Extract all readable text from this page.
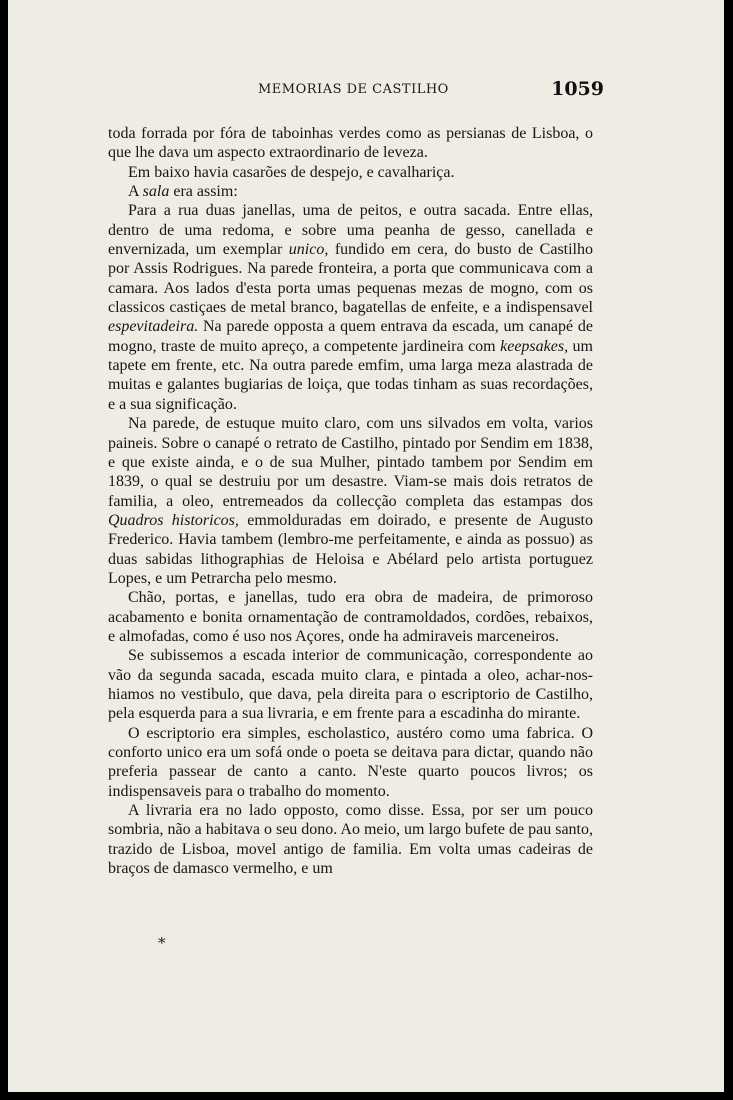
MEMORIAS DE CASTILHO	1059

toda forrada por fóra de taboinhas verdes como as persianas de Lisboa, o que lhe dava um aspecto extraordinario de leveza.

Em baixo havia casarões de despejo, e cavalhariça.

A sala era assim:

Para a rua duas janellas, uma de peitos, e outra sacada. Entre ellas, dentro de uma redoma, e sobre uma peanha de gesso, canellada e envernizada, um exemplar unico, fundido em cera, do busto de Castilho por Assis Rodrigues. Na parede fronteira, a porta que communicava com a camara. Aos lados d'esta porta umas pequenas mezas de mogno, com os classicos castiçaes de metal branco, bagatellas de enfeite, e a indispensavel espevitadeira. Na parede opposta a quem entrava da escada, um canapé de mogno, traste de muito apreço, a competente jardineira com keepsakes, um tapete em frente, etc. Na outra parede emfim, uma larga meza alastrada de muitas e galantes bugiarias de loiça, que todas tinham as suas recordações, e a sua significação.

Na parede, de estuque muito claro, com uns silvados em volta, varios paineis. Sobre o canapé o retrato de Castilho, pintado por Sendim em 1838, e que existe ainda, e o de sua Mulher, pintado tambem por Sendim em 1839, o qual se destruiu por um desastre. Viam-se mais dois retratos de familia, a oleo, entremeados da collecção completa das estampas dos Quadros historicos, emmolduradas em doirado, e presente de Augusto Frederico. Havia tambem (lembro-me perfeitamente, e ainda as possuo) as duas sabidas lithographias de Heloisa e Abélard pelo artista portuguez Lopes, e um Petrarcha pelo mesmo.

Chão, portas, e janellas, tudo era obra de madeira, de primoroso acabamento e bonita ornamentação de contramoldados, cordões, rebaixos, e almofadas, como é uso nos Açores, onde ha admiraveis marceneiros.

Se subissemos a escada interior de communicação, correspondente ao vão da segunda sacada, escada muito clara, e pintada a oleo, achar-nos-hiamos no vestibulo, que dava, pela direita para o escriptorio de Castilho, pela esquerda para a sua livraria, e em frente para a escadinha do mirante.

O escriptorio era simples, escholastico, austéro como uma fabrica. O conforto unico era um sofá onde o poeta se deitava para dictar, quando não preferia passear de canto a canto. N'este quarto poucos livros; os indispensaveis para o trabalho do momento.

A livraria era no lado opposto, como disse. Essa, por ser um pouco sombria, não a habitava o seu dono. Ao meio, um largo bufete de pau santo, trazido de Lisboa, movel antigo de familia. Em volta umas cadeiras de braços de damasco vermelho, e um

*
